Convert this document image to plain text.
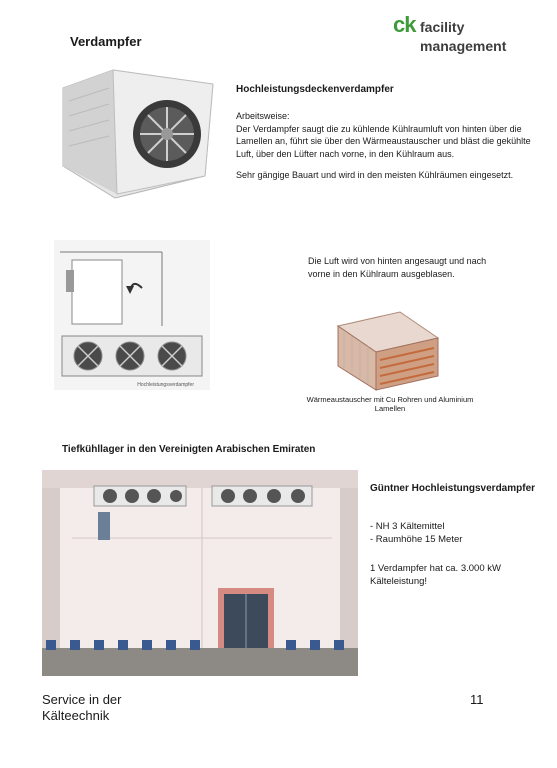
Verdampfer
ck facility
management
Hochleistungsdeckenverdampfer

Arbeitsweise:
Der Verdampfer saugt die zu kühlende Kühlraumluft von hinten über die Lamellen an, führt sie über den Wärmeaustauscher und bläst die gekühlte Luft, über den Lüfter nach vorne, in den Kühlraum aus.

Sehr gängige Bauart und wird in den meisten Kühlräumen eingesetzt.

Hochleistungsverdampfer
Die Luft wird von hinten angesaugt und nach vorne in den Kühlraum ausgeblasen.
Wärmeaustauscher mit Cu Rohren und Aluminium Lamellen
Tiefkühllager in den Vereinigten Arabischen Emiraten
Güntner Hochleistungsverdampfer
- NH 3 Kältemittel
- Raumhöhe 15 Meter
1 Verdampfer hat ca. 3.000 kW Kälteleistung!
Service in der Kälteechnik
11
